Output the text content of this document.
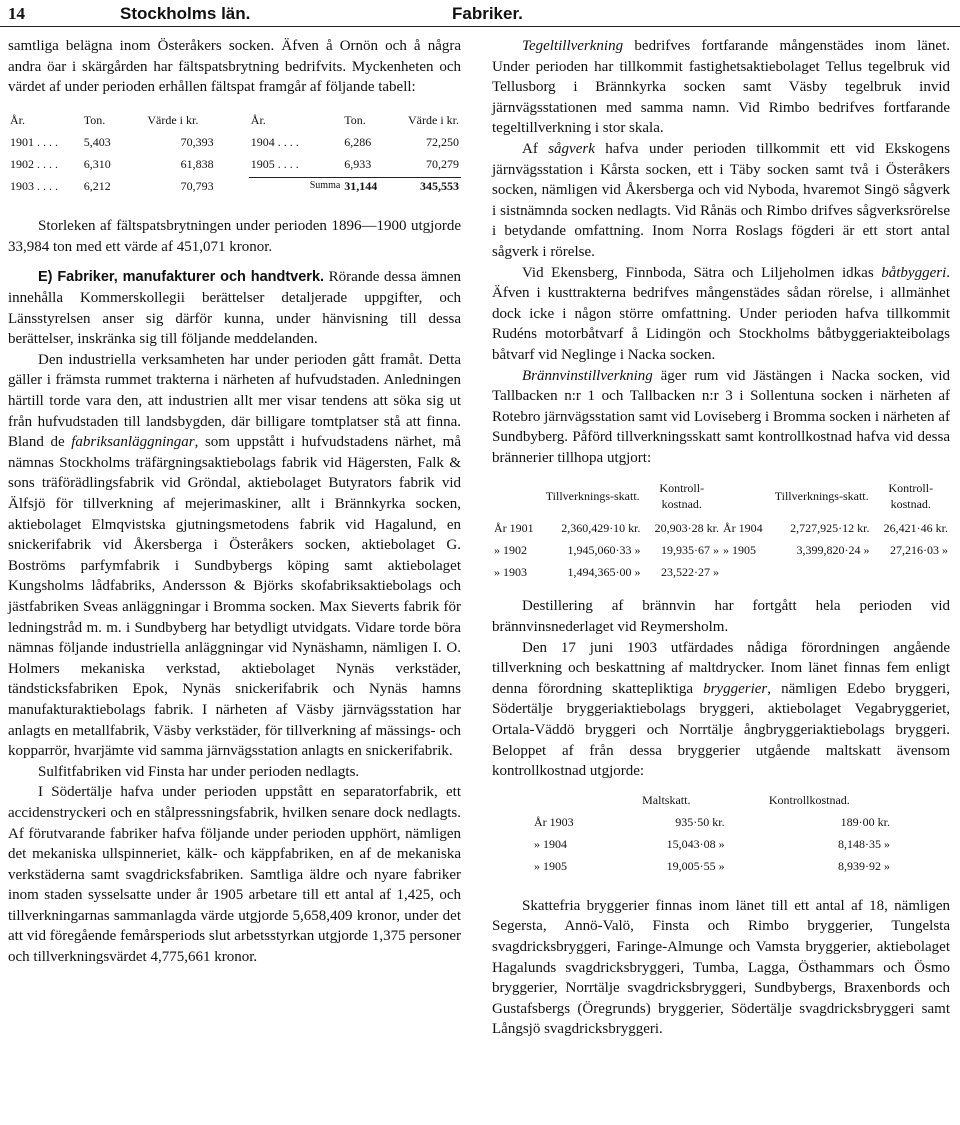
14	Stockholms län.	Fabriker.

samtliga belägna inom Österåkers socken. Äfven å Ornön och å några andra öar i skärgården har fältspatsbrytning bedrifvits. Myckenheten och värdet af under perioden erhållen fältspat framgår af följande tabell:

År.	Ton.	Värde i kr.	År.	Ton.	Värde i kr.

1901 . . . .	5,403	70,393	1904 . . . .	6,286	72,250

1902 . . . .	6,310	61,838	1905 . . . .	6,933	70,279

1903 . . . .	6,212	70,793	Summa	31,144	345,553

Storleken af fältspatsbrytningen under perioden 1896—1900 utgjorde 33,984 ton med ett värde af 451,071 kronor.

E) Fabriker, manufakturer och handtverk. Rörande dessa ämnen innehålla Kommerskollegii berättelser detaljerade uppgifter, och Länsstyrelsen anser sig därför kunna, under hänvisning till dessa berättelser, inskränka sig till följande meddelanden.

Den industriella verksamheten har under perioden gått framåt. Detta gäller i främsta rummet trakterna i närheten af hufvudstaden. Anledningen härtill torde vara den, att industrien allt mer visar tendens att söka sig ut från hufvudstaden till landsbygden, där billigare tomtplatser stå att finna. Bland de fabriksanläggningar, som uppstått i hufvudstadens närhet, må nämnas Stockholms träfärgningsaktiebolags fabrik vid Hägersten, Falk & sons träförädlingsfabrik vid Gröndal, aktiebolaget Butyrators fabrik vid Älfsjö för tillverkning af mejerimaskiner, allt i Brännkyrka socken, aktiebolaget Elmqvistska gjutningsmetodens fabrik vid Hagalund, en snickerifabrik vid Åkersberga i Österåkers socken, aktiebolaget G. Boströms parfymfabrik i Sundbybergs köping samt aktiebolaget Kungsholms lådfabriks, Andersson & Björks skofabriksaktiebolags och jästfabriken Sveas anläggningar i Bromma socken. Max Sieverts fabrik för ledningstråd m. m. i Sundbyberg har betydligt utvidgats. Vidare torde böra nämnas följande industriella anläggningar vid Nynäshamn, nämligen I. O. Holmers mekaniska verkstad, aktiebolaget Nynäs verkstäder, tändsticksfabriken Epok, Nynäs snickerifabrik och Nynäs hamns manufakturaktiebolags fabrik. I närheten af Väsby järnvägsstation har anlagts en metallfabrik, Väsby verkstäder, för tillverkning af mässings- och kopparrör, hvarjämte vid samma järnvägsstation anlagts en snickerifabrik.

Sulfitfabriken vid Finsta har under perioden nedlagts.

I Södertälje hafva under perioden uppstått en separatorfabrik, ett accidenstryckeri och en stålpressningsfabrik, hvilken senare dock nedlagts. Af förutvarande fabriker hafva följande under perioden upphört, nämligen det mekaniska ullspinneriet, kälk- och käppfabriken, en af de mekaniska verkstäderna samt svagdricksfabriken. Samtliga äldre och nyare fabriker inom staden sysselsatte under år 1905 arbetare till ett antal af 1,425, och tillverkningarnas sammanlagda värde utgjorde 5,658,409 kronor, under det att vid föregående femårsperiods slut arbetsstyrkan utgjorde 1,375 personer och tillverkningsvärdet 4,775,661 kronor.

Tegeltillverkning bedrifves fortfarande mångenstädes inom länet. Under perioden har tillkommit fastighetsaktiebolaget Tellus tegelbruk vid Tellusborg i Brännkyrka socken samt Väsby tegelbruk invid järnvägsstationen med samma namn. Vid Rimbo bedrifves fortfarande tegeltillverkning i stor skala.

Af sågverk hafva under perioden tillkommit ett vid Ekskogens järnvägsstation i Kårsta socken, ett i Täby socken samt två i Österåkers socken, nämligen vid Åkersberga och vid Nyboda, hvaremot Singö sågverk i sistnämnda socken nedlagts. Vid Rånäs och Rimbo drifves sågverksrörelse i betydande omfattning. Inom Norra Roslags fögderi är ett stort antal sågverk i rörelse.

Vid Ekensberg, Finnboda, Sätra och Liljeholmen idkas båtbyggeri. Äfven i kusttrakterna bedrifves mångenstädes sådan rörelse, i allmänhet dock icke i någon större omfattning. Under perioden hafva tillkommit Rudéns motorbåtvarf å Lidingön och Stockholms båtbyggeriakteibolags båtvarf vid Neglinge i Nacka socken.

Brännvinstillverkning äger rum vid Jästängen i Nacka socken, vid Tallbacken n:r 1 och Tallbacken n:r 3 i Sollentuna socken i närheten af Rotebro järnvägsstation samt vid Loviseberg i Bromma socken i närheten af Sundbyberg. Påförd tillverkningsskatt samt kontrollkostnad hafva vid dessa brännerier tillhopa utgjort:

	Tillverknings-skatt.	Kontroll-kostnad.		Tillverknings-skatt.	Kontroll-kostnad.

År 1901	2,360,429·10 kr.	20,903·28 kr.	År 1904	2,727,925·12 kr.	26,421·46 kr.

» 1902	1,945,060·33 »	19,935·67 »	» 1905	3,399,820·24 »	27,216·03 »

» 1903	1,494,365·00 »	23,522·27 »			

Destillering af brännvin har fortgått hela perioden vid brännvinsnederlaget vid Reymersholm.

Den 17 juni 1903 utfärdades nådiga förordningen angående tillverkning och beskattning af maltdrycker. Inom länet finnas fem enligt denna förordning skattepliktiga bryggerier, nämligen Edebo bryggeri, Södertälje bryggeriaktiebolags bryggeri, aktiebolaget Vegabryggeriet, Ortala-Väddö bryggeri och Norrtälje ångbryggeriaktiebolags bryggeri. Beloppet af från dessa bryggerier utgående maltskatt ävensom kontrollkostnad utgjorde:

	Maltskatt.	Kontrollkostnad.

År 1903	935·50 kr.	189·00 kr.

» 1904	15,043·08 »	8,148·35 »

» 1905	19,005·55 »	8,939·92 »

Skattefria bryggerier finnas inom länet till ett antal af 18, nämligen Segersta, Annö-Valö, Finsta och Rimbo bryggerier, Tungelsta svagdricksbryggeri, Faringe-Almunge och Vamsta bryggerier, aktiebolaget Hagalunds svagdricksbryggeri, Tumba, Lagga, Östhammars och Ösmo bryggerier, Norrtälje svagdricksbryggeri, Sundbybergs, Braxenbords och Gustafsbergs (Öregrunds) bryggerier, Södertälje svagdricksbryggeri samt Långsjö svagdricksbryggeri.
